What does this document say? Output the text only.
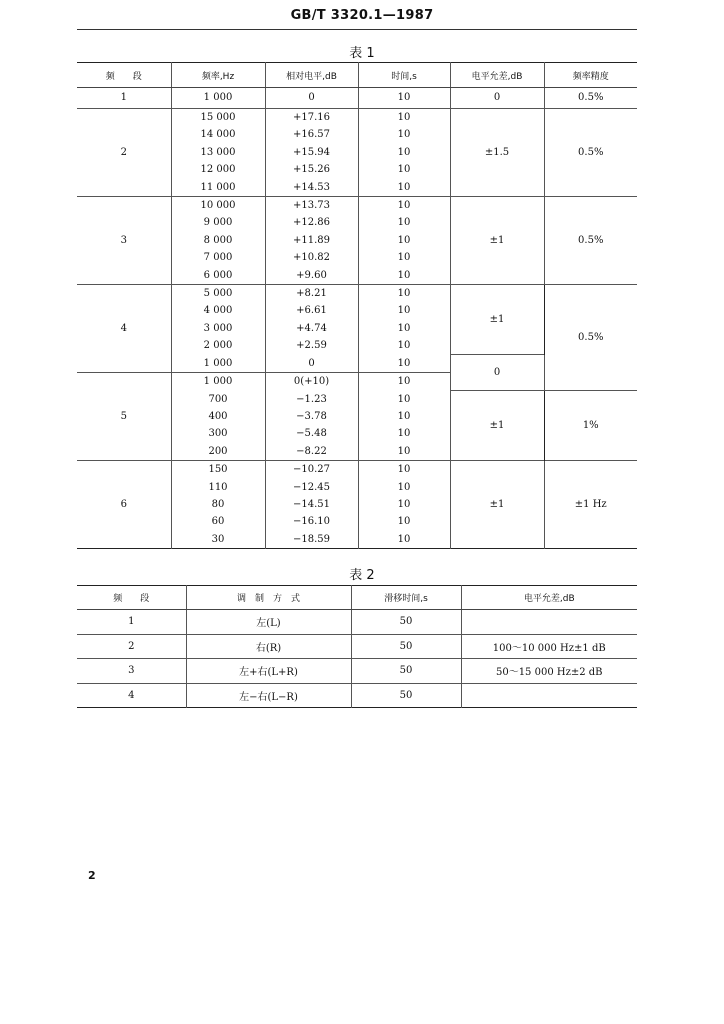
GB/T 3320.1—1987
表 1
频　　段	频率,Hz	相对电平,dB	时间,s	电平允差,dB	频率精度
1	1 000	0	10	0	0.5%
2	15 000	+17.16	10	±1.5	0.5%
	14 000	+16.57	10		
	13 000	+15.94	10		
	12 000	+15.26	10		
	11 000	+14.53	10		
3	10 000	+13.73	10	±1	0.5%
	9 000	+12.86	10		
	8 000	+11.89	10		
	7 000	+10.82	10		
	6 000	+9.60	10		
4	5 000	+8.21	10	±1	0.5%
	4 000	+6.61	10		
	3 000	+4.74	10		
	2 000	+2.59	10		
	1 000	0	10	0	
5	1 000	0(+10)	10		
	700	−1.23	10	±1	1%
	400	−3.78	10		
	300	−5.48	10		
	200	−8.22	10		
6	150	−10.27	10	±1	±1 Hz
	110	−12.45	10		
	80	−14.51	10		
	60	−16.10	10		
	30	−18.59	10		
表 2
频　　段	调　制　方　式	滑移时间,s	电平允差,dB
1	左(L)	50	
2	右(R)	50	100～10 000 Hz±1 dB
3	左+右(L+R)	50	50～15 000 Hz±2 dB
4	左−右(L−R)	50	
2
